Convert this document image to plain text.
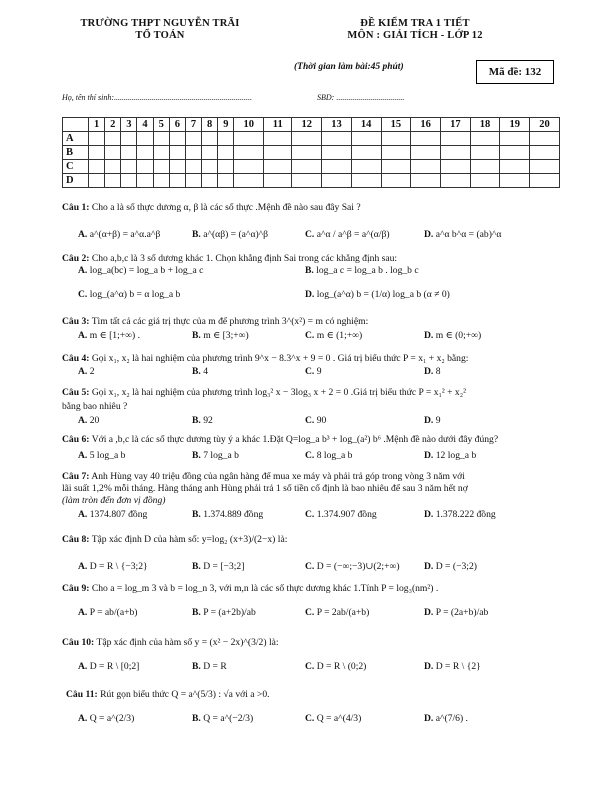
TRƯỜNG THPT NGUYỄN TRÃI
TỔ TOÁN
ĐỀ KIỂM TRA 1 TIẾT
MÔN : GIẢI TÍCH - LỚP 12
(Thời gian làm bài:45 phút)	Mã đề: 132
Họ, tên thí sinh:.....................................................................	SBD: ..................................
	1	2	3	4	5	6	7	8	9	10	11	12	13	14	15	16	17	18	19	20
A																				
B																				
C																				
D																				
Câu 1: Cho a là số thực dương α, β là các số thực .Mệnh đề nào sau đây Sai ?
A. a^(α+β) = a^α.a^β	B. a^(αβ) = (a^α)^β	C. a^α / a^β = a^(α/β)	D. a^α b^α = (ab)^α
Câu 2: Cho a,b,c là 3 số dương khác 1. Chọn khẳng định Sai trong các khẳng định sau:
A. log_a(bc) = log_a b + log_a c	B. log_a c = log_a b . log_b c
C. log_(a^α) b = α log_a b	D. log_(a^α) b = (1/α) log_a b (α ≠ 0)
Câu 3: Tìm tất cả các giá trị thực của m để phương trình 3^(x²) = m có nghiệm:
A. m ∈ [1;+∞) .	B. m ∈ [3;+∞)	C. m ∈ (1;+∞)	D. m ∈ (0;+∞)
Câu 4: Gọi x₁, x₂ là hai nghiệm của phương trình 9^x − 8.3^x + 9 = 0 . Giá trị biểu thức P = x₁ + x₂ bằng:
A. 2	B. 4	C. 9	D. 8
Câu 5: Gọi x₁, x₂ là hai nghiệm của phương trình log₃² x − 3log₃ x + 2 = 0 .Giá trị biểu thức P = x₁² + x₂²
bằng bao nhiêu ?
A. 20	B. 92	C. 90	D. 9
Câu 6: Với a ,b,c là các số thực dương tùy ý a khác 1.Đặt Q=log_a b³ + log_(a²) b⁶ .Mệnh đề nào dưới đây đúng?
A. 5 log_a b	B. 7 log_a b	C. 8 log_a b	D. 12 log_a b
Câu 7: Anh Hùng vay 40 triệu đồng của ngân hàng để mua xe máy và phải trả góp trong vòng 3 năm với
lãi suất 1,2% mỗi tháng. Hàng tháng anh Hùng phải trả 1 số tiền cố định là bao nhiêu để sau 3 năm hết nợ
(làm tròn đến đơn vị đồng)
A. 1374.807 đồng	B. 1.374.889 đồng	C. 1.374.907 đồng	D. 1.378.222 đồng
Câu 8: Tập xác định D của hàm số: y=log₂ (x+3)/(2−x) là:
A. D = R \ {−3;2}	B. D = [−3;2]	C. D = (−∞;−3)∪(2;+∞)	D. D = (−3;2)
Câu 9: Cho a = log_m 3 và b = log_n 3, với m,n là các số thực dương khác 1.Tính P = log₃(nm²) .
A. P = ab/(a+b)	B. P = (a+2b)/ab	C. P = 2ab/(a+b)	D. P = (2a+b)/ab
Câu 10: Tập xác định của hàm số y = (x² − 2x)^(3/2) là:
A. D = R \ [0;2]	B. D = R	C. D = R \ (0;2)	D. D = R \ {2}
Câu 11: Rút gọn biểu thức Q = a^(5/3) : √a với a >0.
A. Q = a^(2/3)	B. Q = a^(−2/3)	C. Q = a^(4/3)	D. a^(7/6) .
